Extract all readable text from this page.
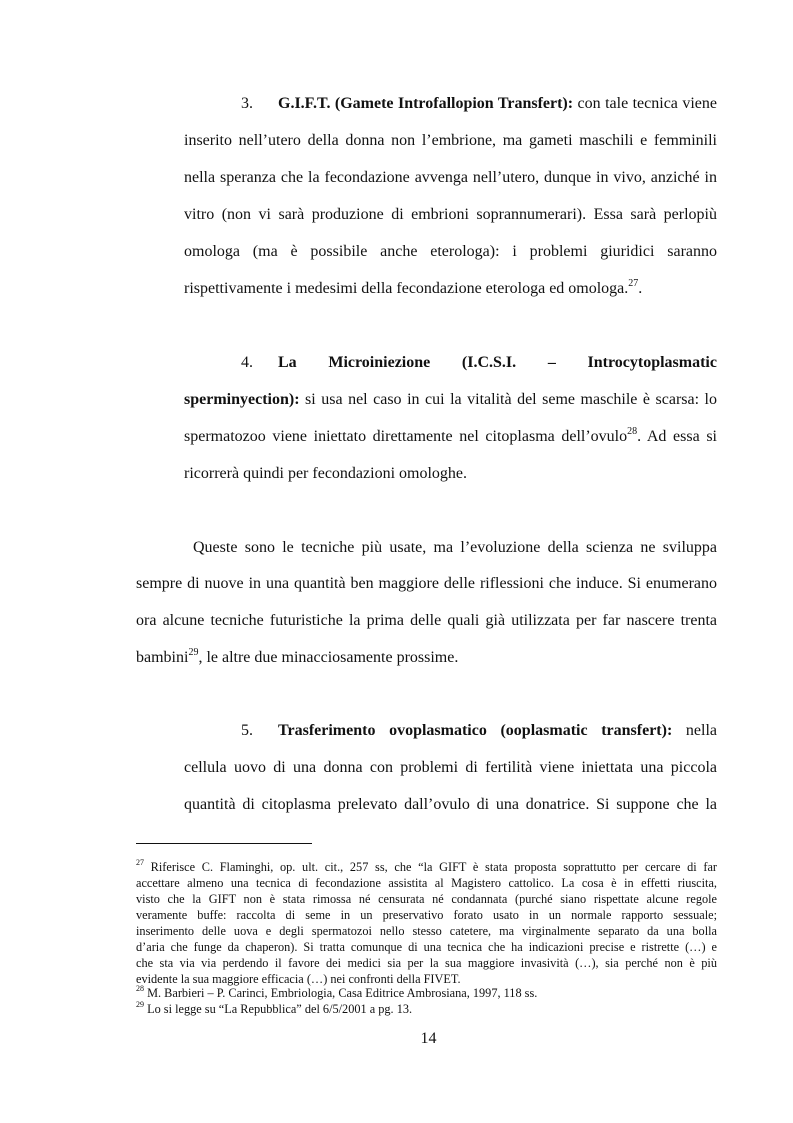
3. G.I.F.T. (Gamete Introfallopion Transfert): con tale tecnica viene
inserito nell’utero della donna non l’embrione, ma gameti maschili e femminili
nella speranza che la fecondazione avvenga nell’utero, dunque in vivo, anziché in
vitro (non vi sarà produzione di embrioni soprannumerari). Essa sarà perlopiù
omologa (ma è possibile anche eterologa): i problemi giuridici saranno
rispettivamente i medesimi della fecondazione eterologa ed omologa.$^{27}$.
4. La Microiniezione (I.C.S.I. – Introcytoplasmatic
sperminyection): si usa nel caso in cui la vitalità del seme maschile è scarsa: lo
spermatozoo viene iniettato direttamente nel citoplasma dell’ovulo$^{28}$. Ad essa si
ricorrerà quindi per fecondazioni omologhe.
Queste sono le tecniche più usate, ma l’evoluzione della scienza ne sviluppa
sempre di nuove in una quantità ben maggiore delle riflessioni che induce. Si enumerano
ora alcune tecniche futuristiche la prima delle quali già utilizzata per far nascere trenta
bambini$^{29}$, le altre due minacciosamente prossime.
5. Trasferimento ovoplasmatico (ooplasmatic transfert): nella
cellula uovo di una donna con problemi di fertilità viene iniettata una piccola
quantità di citoplasma prelevato dall’ovulo di una donatrice. Si suppone che la
$^{27}$ Riferisce C. Flaminghi, op. ult. cit., 257 ss, che “la GIFT è stata proposta soprattutto per cercare di far
accettare almeno una tecnica di fecondazione assistita al Magistero cattolico. La cosa è in effetti riuscita,
visto che la GIFT non è stata rimossa né censurata né condannata (purché siano rispettate alcune regole
veramente buffe: raccolta di seme in un preservativo forato usato in un normale rapporto sessuale;
inserimento delle uova e degli spermatozoi nello stesso catetere, ma virginalmente separato da una bolla
d’aria che funge da chaperon). Si tratta comunque di una tecnica che ha indicazioni precise e ristrette (…) e
che sta via via perdendo il favore dei medici sia per la sua maggiore invasività (…), sia perché non è più
evidente la sua maggiore efficacia (…) nei confronti della FIVET.
$^{28}$ M. Barbieri – P. Carinci, Embriologia, Casa Editrice Ambrosiana, 1997, 118 ss.
$^{29}$ Lo si legge su “La Repubblica” del 6/5/2001 a pg. 13.
14
